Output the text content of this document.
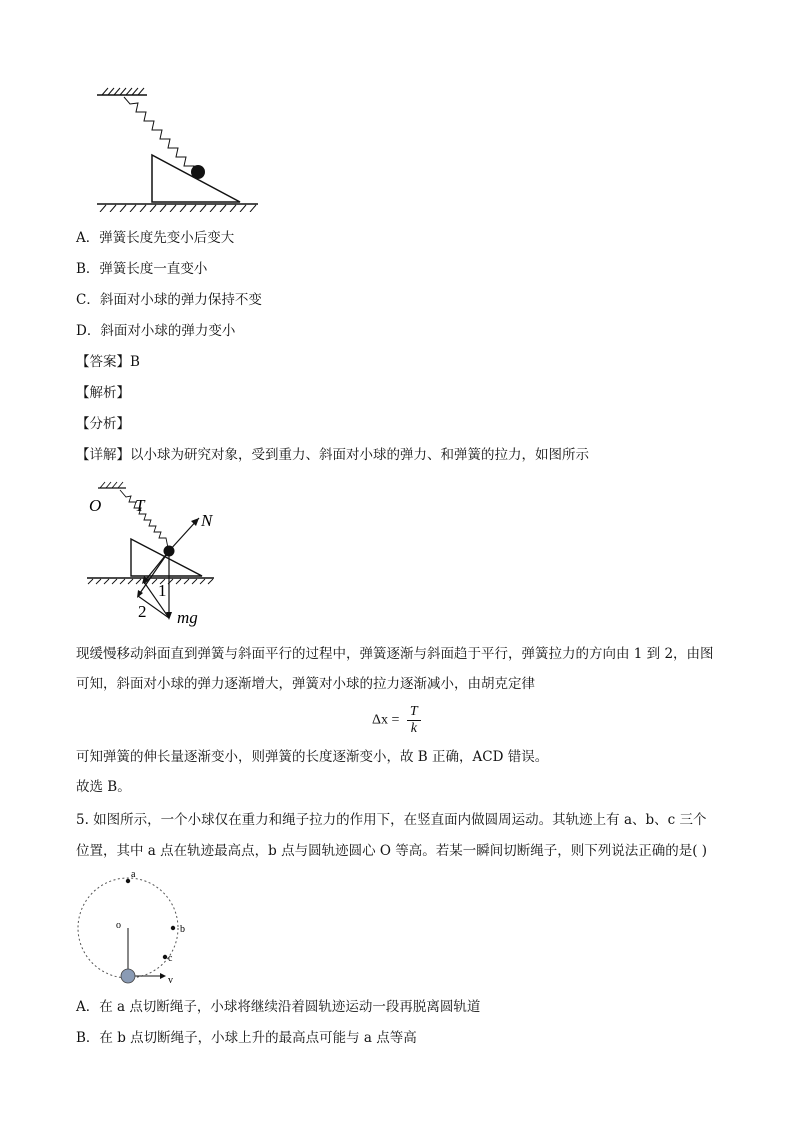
A．弹簧长度先变小后变大
B．弹簧长度一直变小
C．斜面对小球的弹力保持不变
D．斜面对小球的弹力变小
【答案】B
【解析】
【分析】
【详解】以小球为研究对象，受到重力、斜面对小球的弹力、和弹簧的拉力，如图所示
O T
N
mg
1
2
现缓慢移动斜面直到弹簧与斜面平行的过程中，弹簧逐渐与斜面趋于平行，弹簧拉力的方向由 1 到 2，由图
可知，斜面对小球的弹力逐渐增大，弹簧对小球的拉力逐渐减小，由胡克定律
$\Delta x = \frac{T}{k}$
可知弹簧的伸长量逐渐变小，则弹簧的长度逐渐变小，故 B 正确，ACD 错误。
故选 B。
5. 如图所示，一个小球仅在重力和绳子拉力的作用下，在竖直面内做圆周运动。其轨迹上有 a、b、c 三个
位置，其中 a 点在轨迹最高点，b 点与圆轨迹圆心 O 等高。若某一瞬间切断绳子，则下列说法正确的是( )
a
b
c
o
v
A．在 a 点切断绳子，小球将继续沿着圆轨迹运动一段再脱离圆轨道
B．在 b 点切断绳子，小球上升的最高点可能与 a 点等高
